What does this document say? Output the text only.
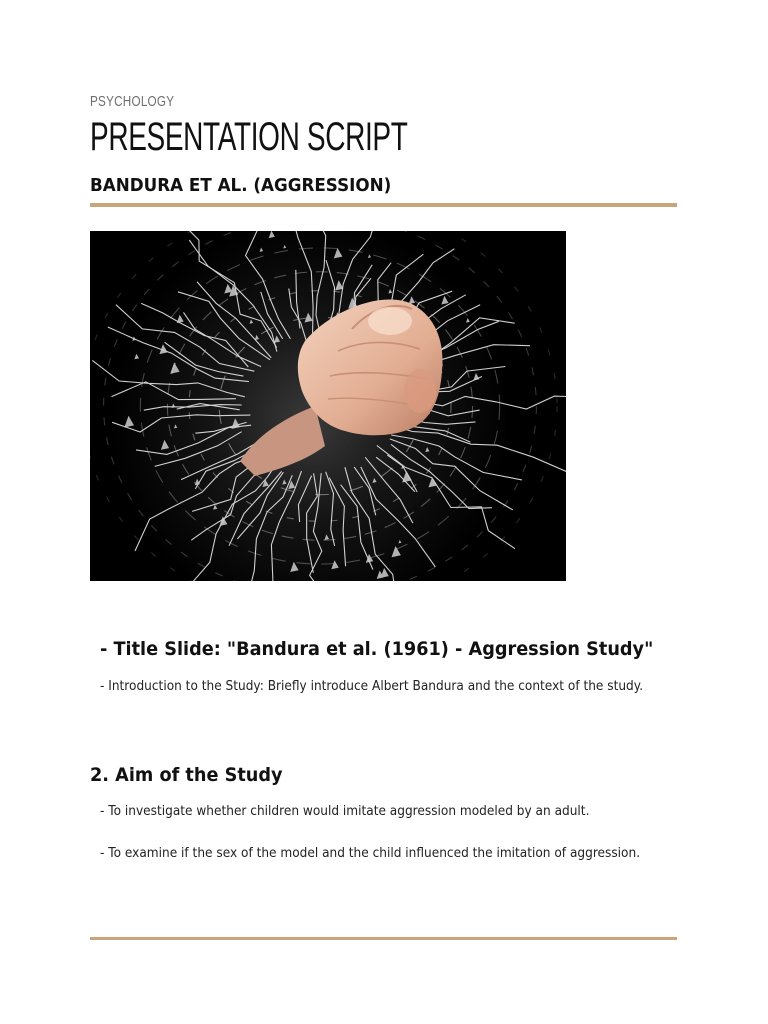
PSYCHOLOGY
PRESENTATION SCRIPT
BANDURA ET AL. (AGGRESSION)
- Title Slide: "Bandura et al. (1961) - Aggression Study"
- Introduction to the Study: Briefly introduce Albert Bandura and the context of the study.
2. Aim of the Study
- To investigate whether children would imitate aggression modeled by an adult.
- To examine if the sex of the model and the child influenced the imitation of aggression.
